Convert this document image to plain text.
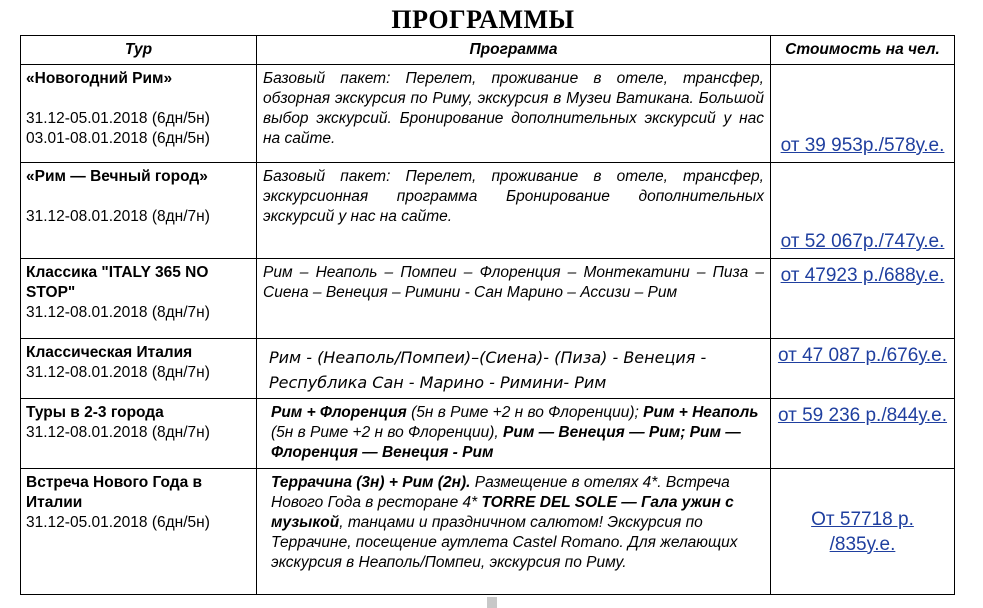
ПРОГРАММЫ
Тур	Программа	Стоимость на чел.

«Новогодний Рим»
31.12-05.01.2018 (6дн/5н)
03.01-08.01.2018 (6дн/5н)	Базовый пакет: Перелет, проживание в отеле, трансфер, обзорная экскурсия по Риму, экскурсия в Музеи Ватикана. Большой выбор экскурсий. Бронирование дополнительных экскурсий у нас на сайте.	от 39 953р./578у.е.

«Рим — Вечный город»
31.12-08.01.2018 (8дн/7н)	Базовый пакет: Перелет, проживание в отеле, трансфер, экскурсионная программа Бронирование дополнительных экскурсий у нас на сайте.	от 52 067р./747у.е.

Классика "ITALY 365 NO STOP"
31.12-08.01.2018 (8дн/7н)	Рим – Неаполь – Помпеи – Флоренция – Монтекатини – Пиза – Сиена – Венеция – Римини - Сан Марино – Ассизи – Рим	от 47923 р./688у.е.

Классическая Италия
31.12-08.01.2018 (8дн/7н)	Рим - (Неаполь/Помпеи)–(Сиена)- (Пиза) - Венеция - Республика Сан - Марино - Римини- Рим	от 47 087 р./676у.е.

Туры в 2-3 города
31.12-08.01.2018 (8дн/7н)	Рим + Флоренция (5н в Риме +2 н во Флоренции); Рим + Неаполь (5н в Риме +2 н во Флоренции), Рим — Венеция — Рим; Рим — Флоренция — Венеция - Рим	от 59 236 р./844у.е.

Встреча Нового Года в Италии
31.12-05.01.2018 (6дн/5н)	Террачина (3н) + Рим (2н). Размещение в отелях 4*. Встреча Нового Года в ресторане 4* TORRE DEL SOLE — Гала ужин с музыкой, танцами и праздничном салютом! Экскурсия по Террачине, посещение аутлета Castel Romano. Для желающих экскурсия в Неаполь/Помпеи, экскурсия по Риму.	От 57718 р. /835у.е.
